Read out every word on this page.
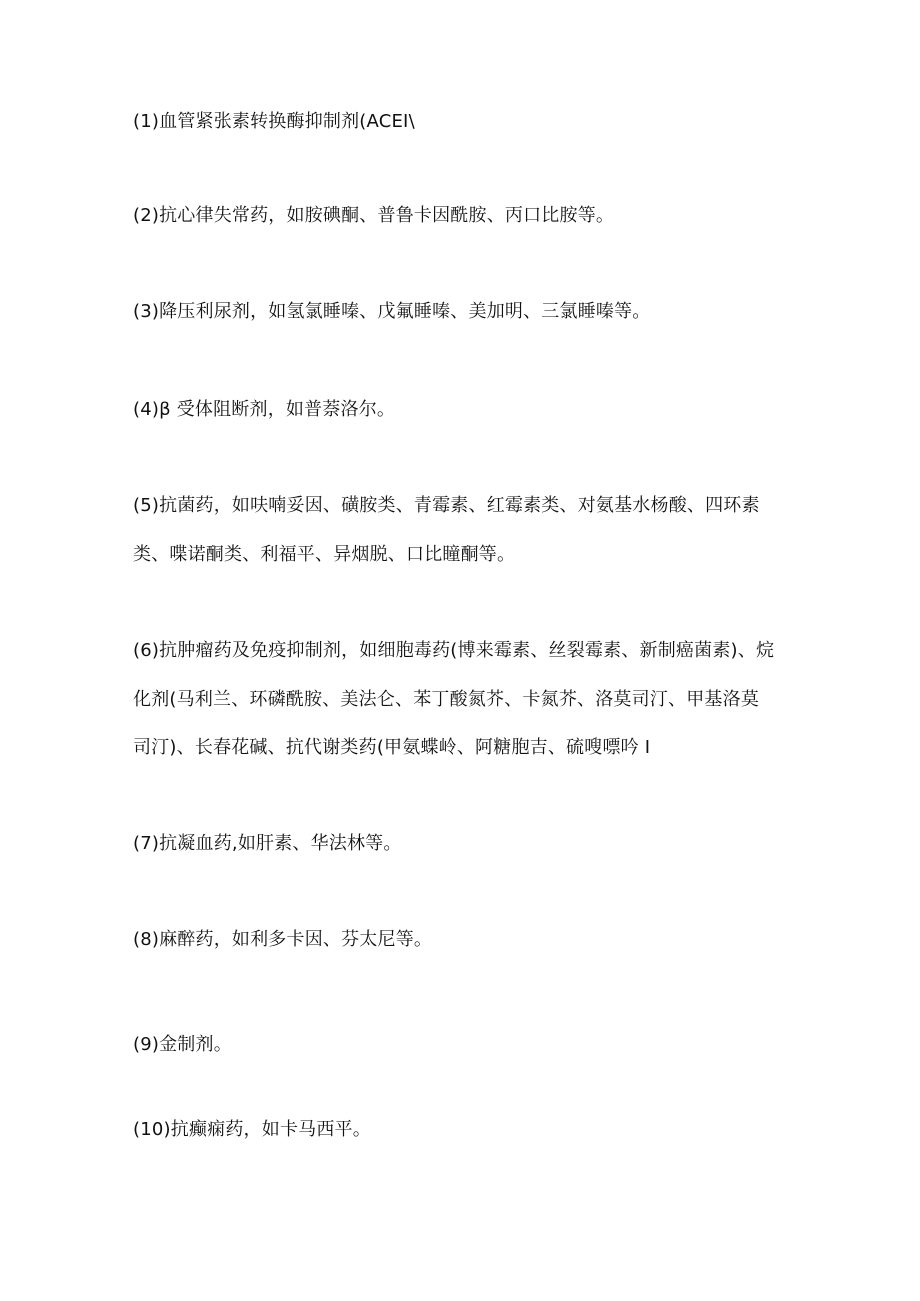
(1)血管紧张素转换酶抑制剂(ACEI\

(2)抗心律失常药，如胺碘酮、普鲁卡因酰胺、丙口比胺等。

(3)降压利尿剂，如氢氯睡嗪、戊氟睡嗪、美加明、三氯睡嗪等。

(4)β 受体阻断剂，如普萘洛尔。

(5)抗菌药，如呋喃妥因、磺胺类、青霉素、红霉素类、对氨基水杨酸、四环素

类、喋诺酮类、利福平、异烟脱、口比瞳酮等。

(6)抗肿瘤药及免疫抑制剂，如细胞毒药(博来霉素、丝裂霉素、新制癌菌素)、烷

化剂(马利兰、环磷酰胺、美法仑、苯丁酸氮芥、卡氮芥、洛莫司汀、甲基洛莫

司汀)、长春花碱、抗代谢类药(甲氨蝶岭、阿糖胞吉、硫嗖嘌吟 I

(7)抗凝血药,如肝素、华法林等。

(8)麻醉药，如利多卡因、芬太尼等。

(9)金制剂。

(10)抗癫痫药，如卡马西平。
